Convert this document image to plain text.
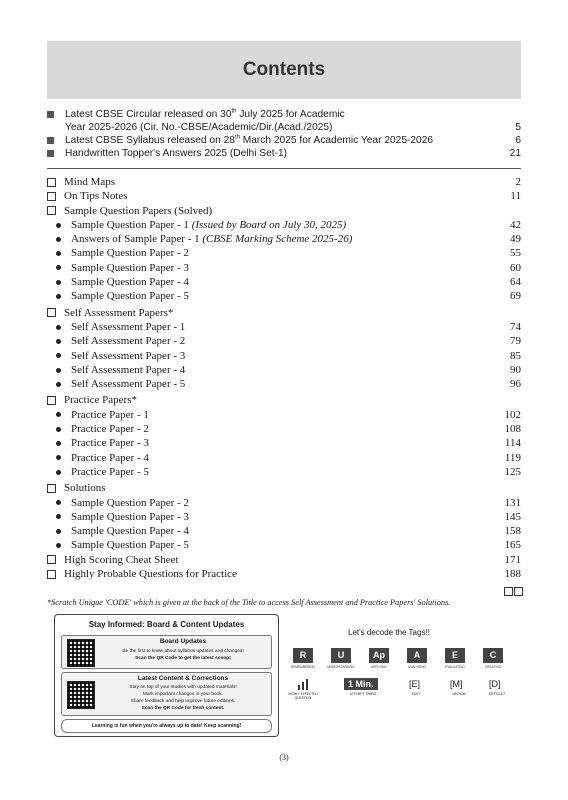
Contents
Latest CBSE Circular released on 30th July 2025 for Academic
Year 2025-2026 (Cir. No.-CBSE/Academic/Dir.(Acad./2025)	5
Latest CBSE Syllabus released on 28th March 2025 for Academic Year 2025-2026	6
Handwritten Topper's Answers 2025 (Delhi Set-1)	21
Mind Maps	2
On Tips Notes	11
Sample Question Papers (Solved)
Sample Question Paper - 1 (Issued by Board on July 30, 2025)	42
Answers of Sample Paper - 1 (CBSE Marking Scheme 2025-26)	49
Sample Question Paper - 2	55
Sample Question Paper - 3	60
Sample Question Paper - 4	64
Sample Question Paper - 5	69
Self Assessment Papers*
Self Assessment Paper - 1	74
Self Assessment Paper - 2	79
Self Assessment Paper - 3	85
Self Assessment Paper - 4	90
Self Assessment Paper - 5	96
Practice Papers*
Practice Paper - 1	102
Practice Paper - 2	108
Practice Paper - 3	114
Practice Paper - 4	119
Practice Paper - 5	125
Solutions
Sample Question Paper - 2	131
Sample Question Paper - 3	145
Sample Question Paper - 4	158
Sample Question Paper - 5	165
High Scoring Cheat Sheet	171
Highly Probable Questions for Practice	188
*Scratch Unique 'CODE' which is given at the back of the Title to access Self Assessment and Practice Papers' Solutions.
Stay Informed: Board & Content Updates
Board Updates
Be the first to know about syllabus updates and changes!
Scan the QR Code to get the latest scoop!
Latest Content & Corrections
Stay on top of your studies with updated materials!
Mark important changes in your book.
Share feedback and help improve future editions.
Scan the QR Code for fresh content.
Learning is fun when you're always up to date! Keep scanning!
Let's decode the Tags!!
R	U	Ap	A	E	C
REMEMBERING	UNDERSTANDING	APPLYING	ANALYSING	EVALUATING	CREATING
1 Min.	[E]	[M]	[D]
HIGHLY EXPECTED QUESTION
ATTEMPT TIMING	EASY	MEDIUM	DIFFICULT
(3)
